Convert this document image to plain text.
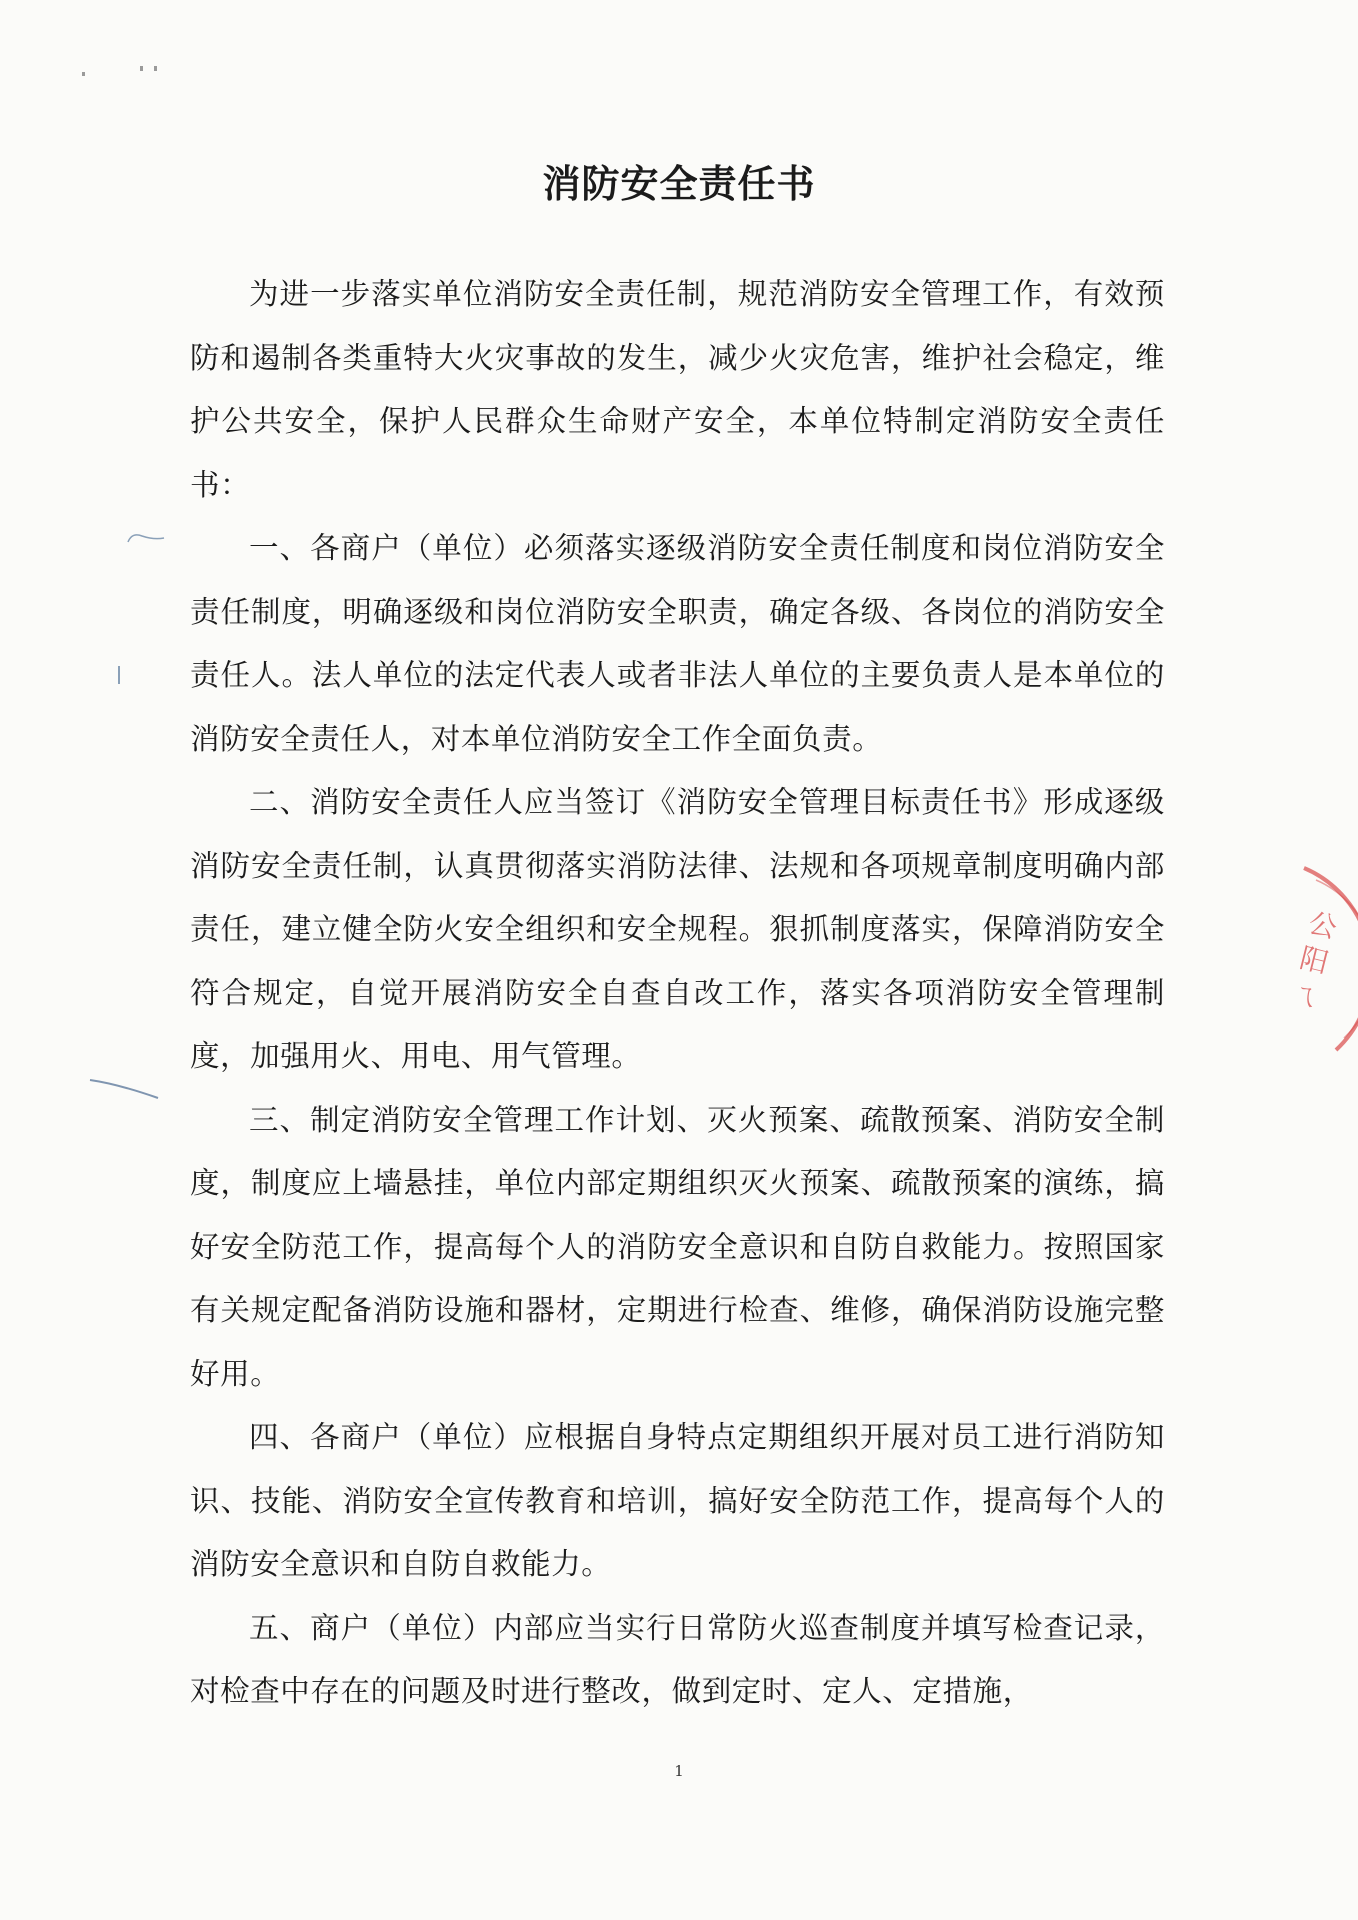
消防安全责任书

为进一步落实单位消防安全责任制，规范消防安全管理工作，有效预防和遏制各类重特大火灾事故的发生，减少火灾危害，维护社会稳定，维护公共安全，保护人民群众生命财产安全，本单位特制定消防安全责任书：

一、各商户（单位）必须落实逐级消防安全责任制度和岗位消防安全责任制度，明确逐级和岗位消防安全职责，确定各级、各岗位的消防安全责任人。法人单位的法定代表人或者非法人单位的主要负责人是本单位的消防安全责任人，对本单位消防安全工作全面负责。

二、消防安全责任人应当签订《消防安全管理目标责任书》形成逐级消防安全责任制，认真贯彻落实消防法律、法规和各项规章制度明确内部责任，建立健全防火安全组织和安全规程。狠抓制度落实，保障消防安全符合规定，自觉开展消防安全自查自改工作，落实各项消防安全管理制度，加强用火、用电、用气管理。

三、制定消防安全管理工作计划、灭火预案、疏散预案、消防安全制度，制度应上墙悬挂，单位内部定期组织灭火预案、疏散预案的演练，搞好安全防范工作，提高每个人的消防安全意识和自防自救能力。按照国家有关规定配备消防设施和器材，定期进行检查、维修，确保消防设施完整好用。

四、各商户（单位）应根据自身特点定期组织开展对员工进行消防知识、技能、消防安全宣传教育和培训，搞好安全防范工作，提高每个人的消防安全意识和自防自救能力。

五、商户（单位）内部应当实行日常防火巡查制度并填写检查记录，对检查中存在的问题及时进行整改，做到定时、定人、定措施，

1
公阳ㄟ
